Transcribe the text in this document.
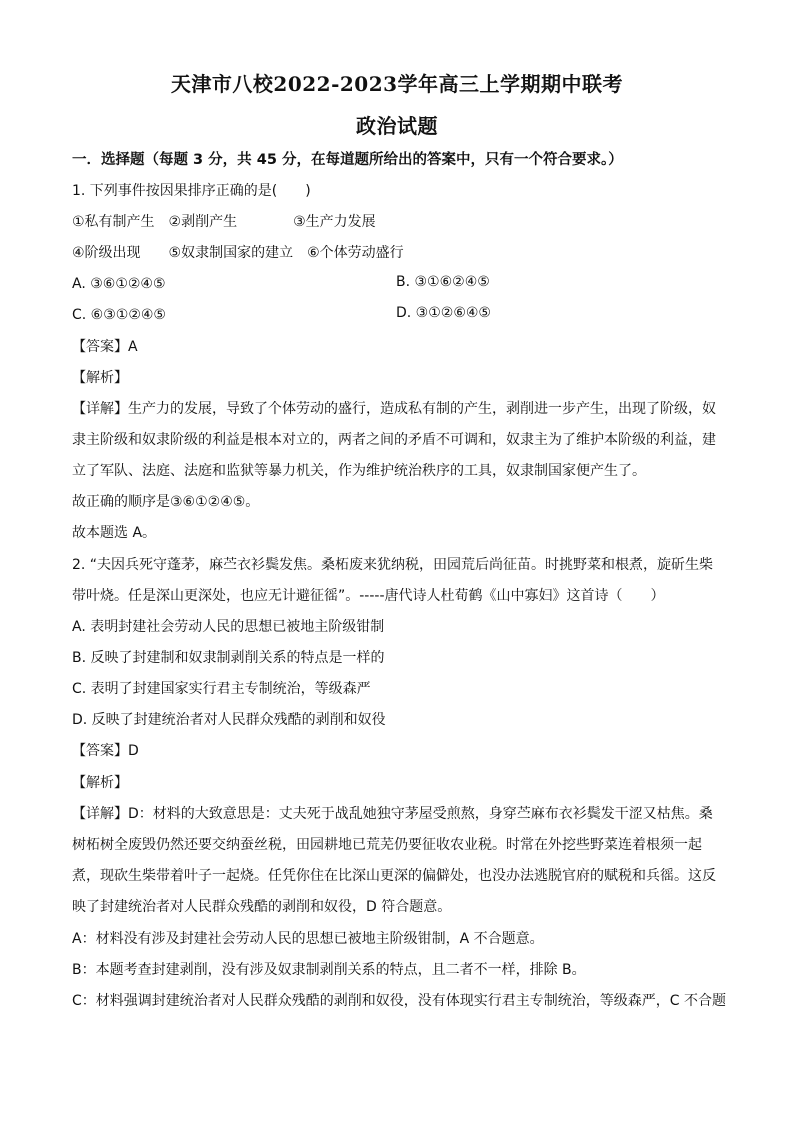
天津市八校2022-2023学年高三上学期期中联考
政治试题
一．选择题（每题 3 分，共 45 分，在每道题所给出的答案中，只有一个符合要求。）
1. 下列事件按因果排序正确的是(　　)
①私有制产生　②剥削产生　　　　③生产力发展
④阶级出现　　⑤奴隶制国家的建立　⑥个体劳动盛行
A. ③⑥①②④⑤	B. ③①⑥②④⑤
C. ⑥③①②④⑤	D. ③①②⑥④⑤
【答案】A
【解析】
【详解】生产力的发展，导致了个体劳动的盛行，造成私有制的产生，剥削进一步产生，出现了阶级，奴
隶主阶级和奴隶阶级的利益是根本对立的，两者之间的矛盾不可调和，奴隶主为了维护本阶级的利益，建
立了军队、法庭、法庭和监狱等暴力机关，作为维护统治秩序的工具，奴隶制国家便产生了。
故正确的顺序是③⑥①②④⑤。
故本题选 A。
2. “夫因兵死守蓬茅，麻苎衣衫鬓发焦。桑柘废来犹纳税，田园荒后尚征苗。时挑野菜和根煮，旋斫生柴
带叶烧。任是深山更深处，也应无计避征徭”。-----唐代诗人杜荀鹤《山中寡妇》这首诗（　　）
A. 表明封建社会劳动人民的思想已被地主阶级钳制
B. 反映了封建制和奴隶制剥削关系的特点是一样的
C. 表明了封建国家实行君主专制统治，等级森严
D. 反映了封建统治者对人民群众残酷的剥削和奴役
【答案】D
【解析】
【详解】D：材料的大致意思是：丈夫死于战乱她独守茅屋受煎熬，身穿苎麻布衣衫鬓发干涩又枯焦。桑
树柘树全废毁仍然还要交纳蚕丝税，田园耕地已荒芜仍要征收农业税。时常在外挖些野菜连着根须一起
煮，现砍生柴带着叶子一起烧。任凭你住在比深山更深的偏僻处，也没办法逃脱官府的赋税和兵徭。这反
映了封建统治者对人民群众残酷的剥削和奴役，D 符合题意。
A：材料没有涉及封建社会劳动人民的思想已被地主阶级钳制，A 不合题意。
B：本题考查封建剥削，没有涉及奴隶制剥削关系的特点，且二者不一样，排除 B。
C：材料强调封建统治者对人民群众残酷的剥削和奴役，没有体现实行君主专制统治，等级森严，C 不合题
